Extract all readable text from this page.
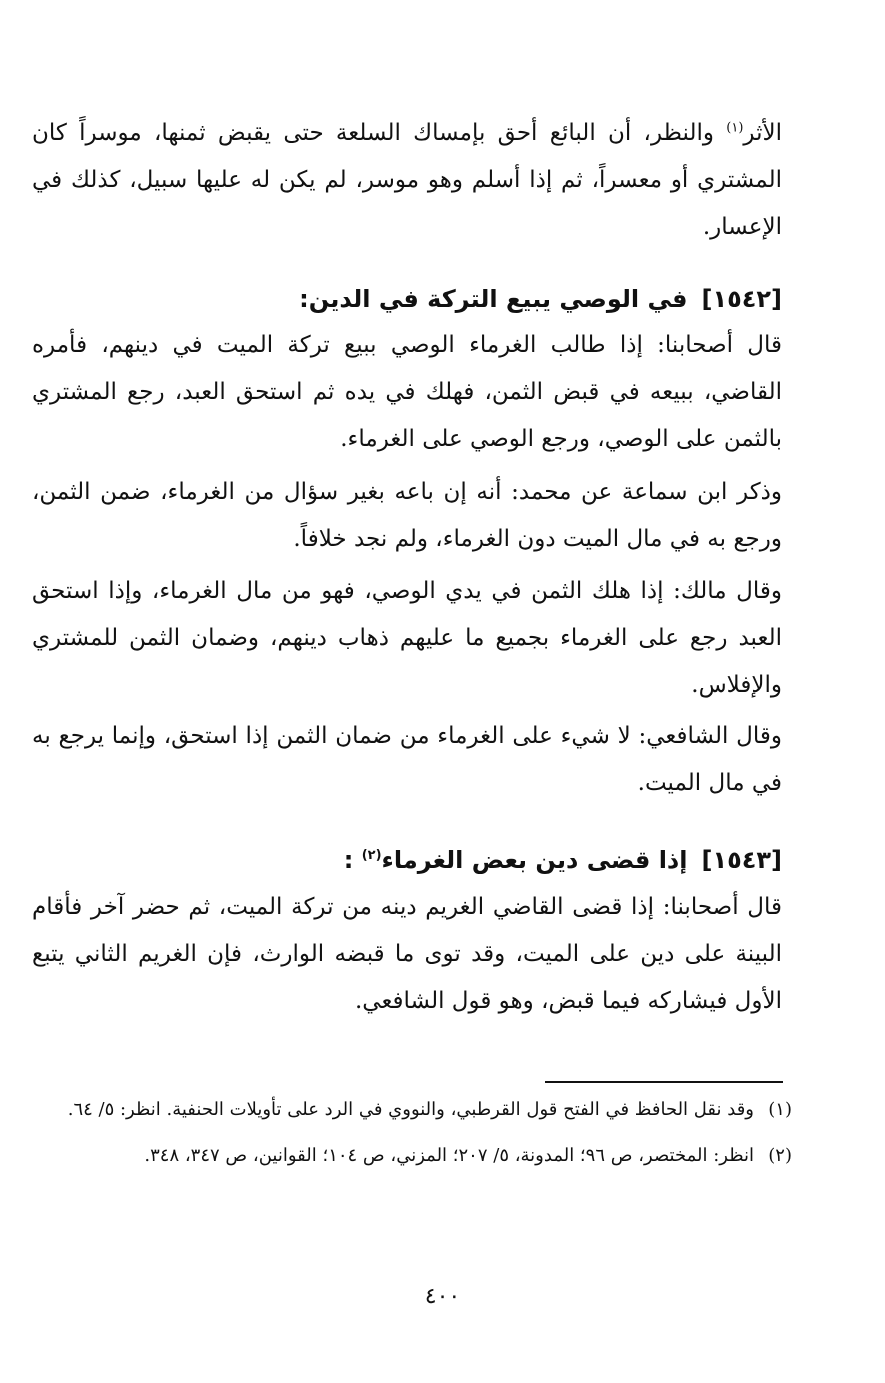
الأثر$^{(١)}$ والنظر، أن البائع أحق بإمساك السلعة حتى يقبض ثمنها، موسراً كان المشتري أو معسراً، ثم إذا أسلم وهو موسر، لم يكن له عليها سبيل، كذلك في الإعسار.

[١٥٤٢]في الوصي يبيع التركة في الدين:

قال أصحابنا: إذا طالب الغرماء الوصي ببيع تركة الميت في دينهم، فأمره القاضي، ببيعه في قبض الثمن، فهلك في يده ثم استحق العبد، رجع المشتري بالثمن على الوصي، ورجع الوصي على الغرماء.

وذكر ابن سماعة عن محمد: أنه إن باعه بغير سؤال من الغرماء، ضمن الثمن، ورجع به في مال الميت دون الغرماء، ولم نجد خلافاً.

وقال مالك: إذا هلك الثمن في يدي الوصي، فهو من مال الغرماء، وإذا استحق العبد رجع على الغرماء بجميع ما عليهم ذهاب دينهم، وضمان الثمن للمشتري والإفلاس.

وقال الشافعي: لا شيء على الغرماء من ضمان الثمن إذا استحق، وإنما يرجع به في مال الميت.

[١٥٤٣]إذا قضى دين بعض الغرماء$^{(٢)}$ :

قال أصحابنا: إذا قضى القاضي الغريم دينه من تركة الميت، ثم حضر آخر فأقام البينة على دين على الميت، وقد توى ما قبضه الوارث، فإن الغريم الثاني يتبع الأول فيشاركه فيما قبض، وهو قول الشافعي.

(١)
وقد نقل الحافظ في الفتح قول القرطبي، والنووي في الرد على تأويلات الحنفية. انظر: ٥/ ٦٤.
(٢)
انظر: المختصر، ص ٩٦؛ المدونة، ٥/ ٢٠٧؛ المزني، ص ١٠٤؛ القوانين، ص ٣٤٧، ٣٤٨.
٤٠٠
